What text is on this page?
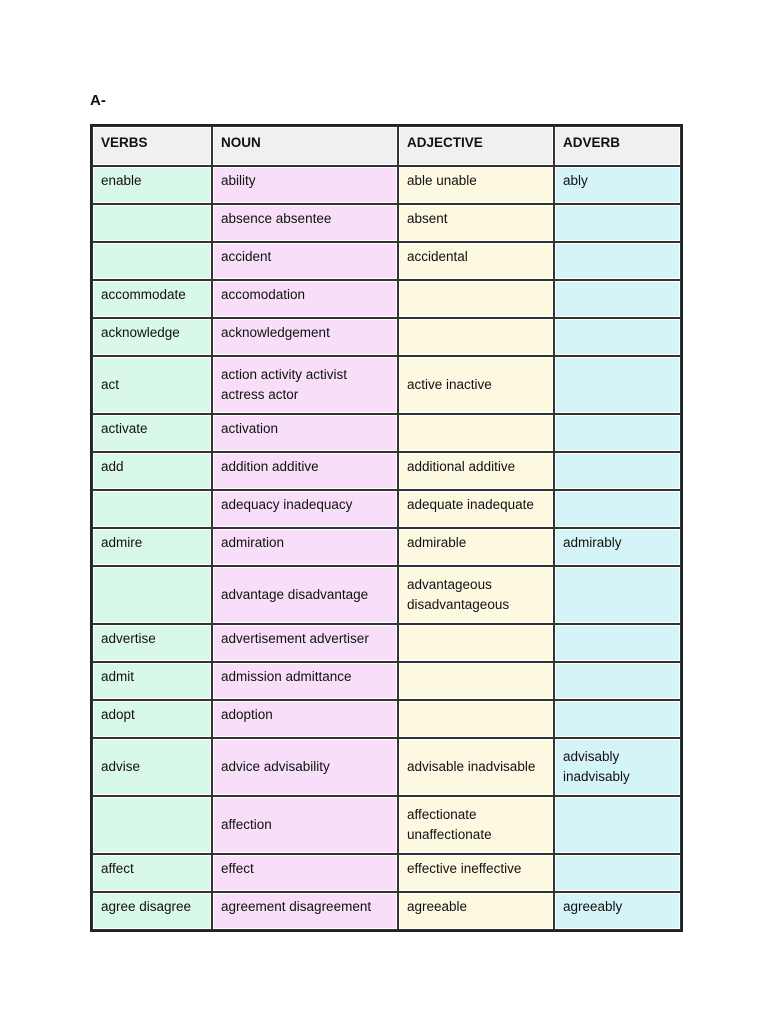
A-
VERBS	NOUN	ADJECTIVE	ADVERB
enable	ability	able unable	ably
	absence absentee	absent	
	accident	accidental	
accommodate	accomodation		
acknowledge	acknowledgement		
act	action activity activist actress actor	active inactive	
activate	activation		
add	addition additive	additional additive	
	adequacy inadequacy	adequate inadequate	
admire	admiration	admirable	admirably
	advantage disadvantage	advantageous disadvantageous	
advertise	advertisement advertiser		
admit	admission admittance		
adopt	adoption		
advise	advice advisability	advisable inadvisable	advisably inadvisably
	affection	affectionate unaffectionate	
affect	effect	effective ineffective	
agree disagree	agreement disagreement	agreeable	agreeably
